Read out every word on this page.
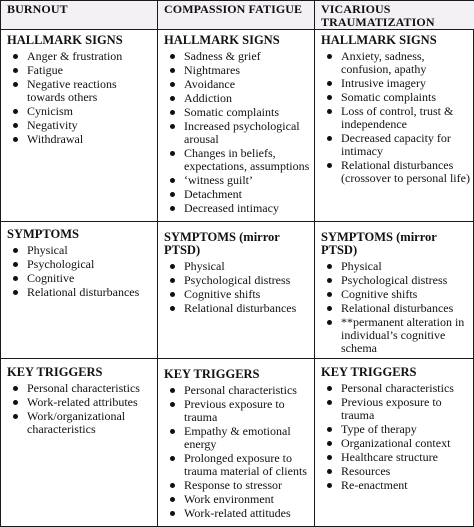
BURNOUT	COMPASSION FATIGUE	VICARIOUS TRAUMATIZATION
HALLMARK SIGNS
Anger & frustration
Fatigue
Negative reactions towards others
Cynicism
Negativity
Withdrawal
SYMPTOMS
Physical
Psychological
Cognitive
Relational disturbances
KEY TRIGGERS
Personal characteristics
Work-related attributes
Work/organizational characteristics
HALLMARK SIGNS
Sadness & grief
Nightmares
Avoidance
Addiction
Somatic complaints
Increased psychological arousal
Changes in beliefs, expectations, assumptions
‘witness guilt’
Detachment
Decreased intimacy
SYMPTOMS (mirror PTSD)
Physical
Psychological distress
Cognitive shifts
Relational disturbances
KEY TRIGGERS
Personal characteristics
Previous exposure to trauma
Empathy & emotional energy
Prolonged exposure to trauma material of clients
Response to stressor
Work environment
Work-related attitudes
HALLMARK SIGNS
Anxiety, sadness, confusion, apathy
Intrusive imagery
Somatic complaints
Loss of control, trust & independence
Decreased capacity for intimacy
Relational disturbances (crossover to personal life)
SYMPTOMS (mirror PTSD)
Physical
Psychological distress
Cognitive shifts
Relational disturbances
**permanent alteration in individual’s cognitive schema
KEY TRIGGERS
Personal characteristics
Previous exposure to trauma
Type of therapy
Organizational context
Healthcare structure
Resources
Re-enactment
